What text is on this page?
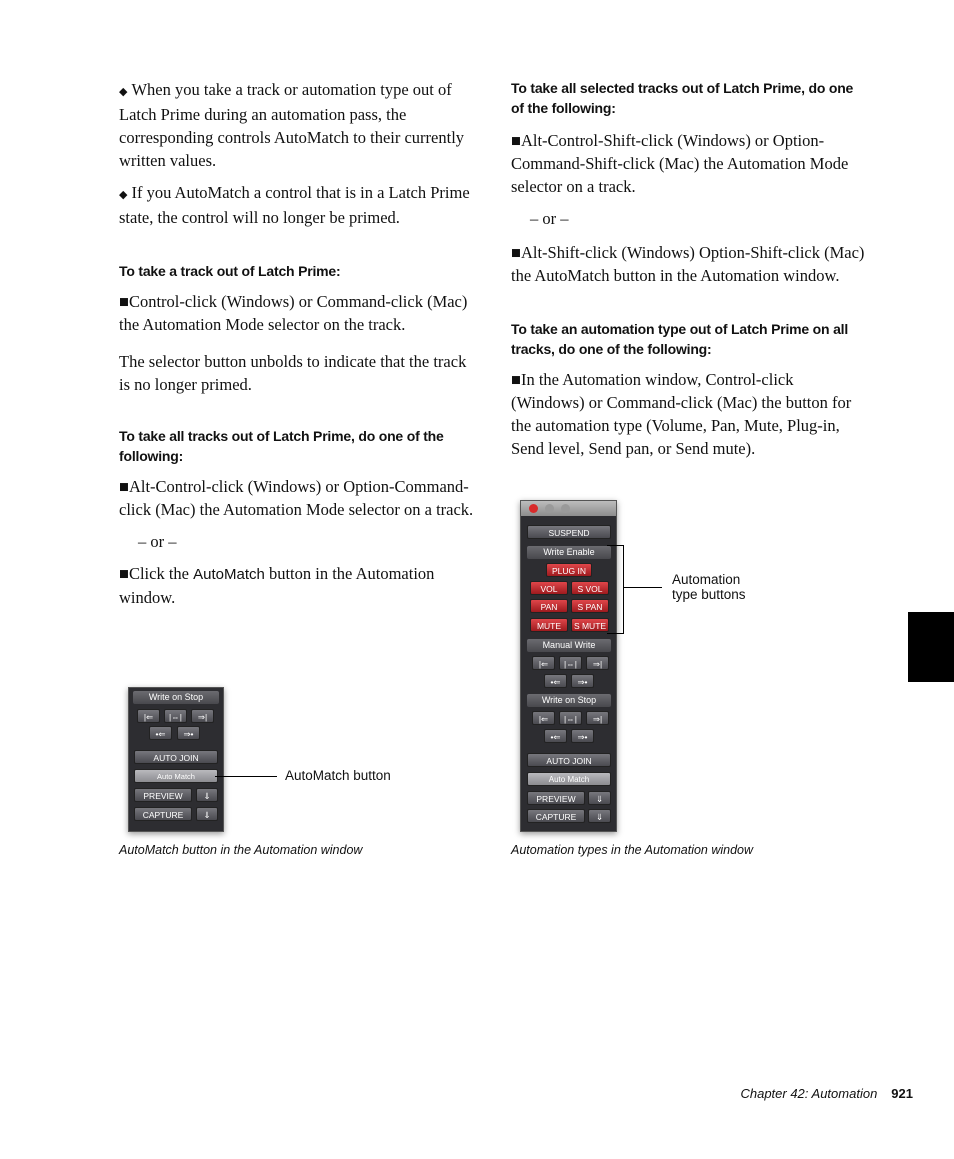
◆ When you take a track or automation type out of Latch Prime during an automation pass, the corresponding controls AutoMatch to their currently written values.

◆ If you AutoMatch a control that is in a Latch Prime state, the control will no longer be primed.

To take a track out of Latch Prime:

■Control-click (Windows) or Command-click (Mac) the Automation Mode selector on the track.

The selector button unbolds to indicate that the track is no longer primed.

To take all tracks out of Latch Prime, do one of the following:

■Alt-Control-click (Windows) or Option-Command-click (Mac) the Automation Mode selector on a track.

– or –

■Click the AutoMatch button in the Automation window.

To take all selected tracks out of Latch Prime, do one of the following:

■Alt-Control-Shift-click (Windows) or Option-Command-Shift-click (Mac) the Automation Mode selector on a track.

– or –

■Alt-Shift-click (Windows) Option-Shift-click (Mac) the AutoMatch button in the Automation window.

To take an automation type out of Latch Prime on all tracks, do one of the following:

■In the Automation window, Control-click (Windows) or Command-click (Mac) the button for the automation type (Volume, Pan, Mute, Plug-in, Send level, Send pan, or Send mute).

Write on Stop
|⇐	|⇔|	⇒|
•⇐	⇒•
AUTO JOIN
Auto Match
PREVIEW	⇓
CAPTURE	⇓
AutoMatch button
AutoMatch button in the Automation window
SUSPEND
Write Enable
PLUG IN
VOL	S VOL
PAN	S PAN
MUTE	S MUTE
Manual Write
|⇐	|⇔|	⇒|
•⇐	⇒•
Write on Stop
|⇐	|⇔|	⇒|
•⇐	⇒•
AUTO JOIN
Auto Match
PREVIEW	⇓
CAPTURE	⇓
Automation
type buttons
Automation types in the Automation window
Chapter 42: Automation 921
